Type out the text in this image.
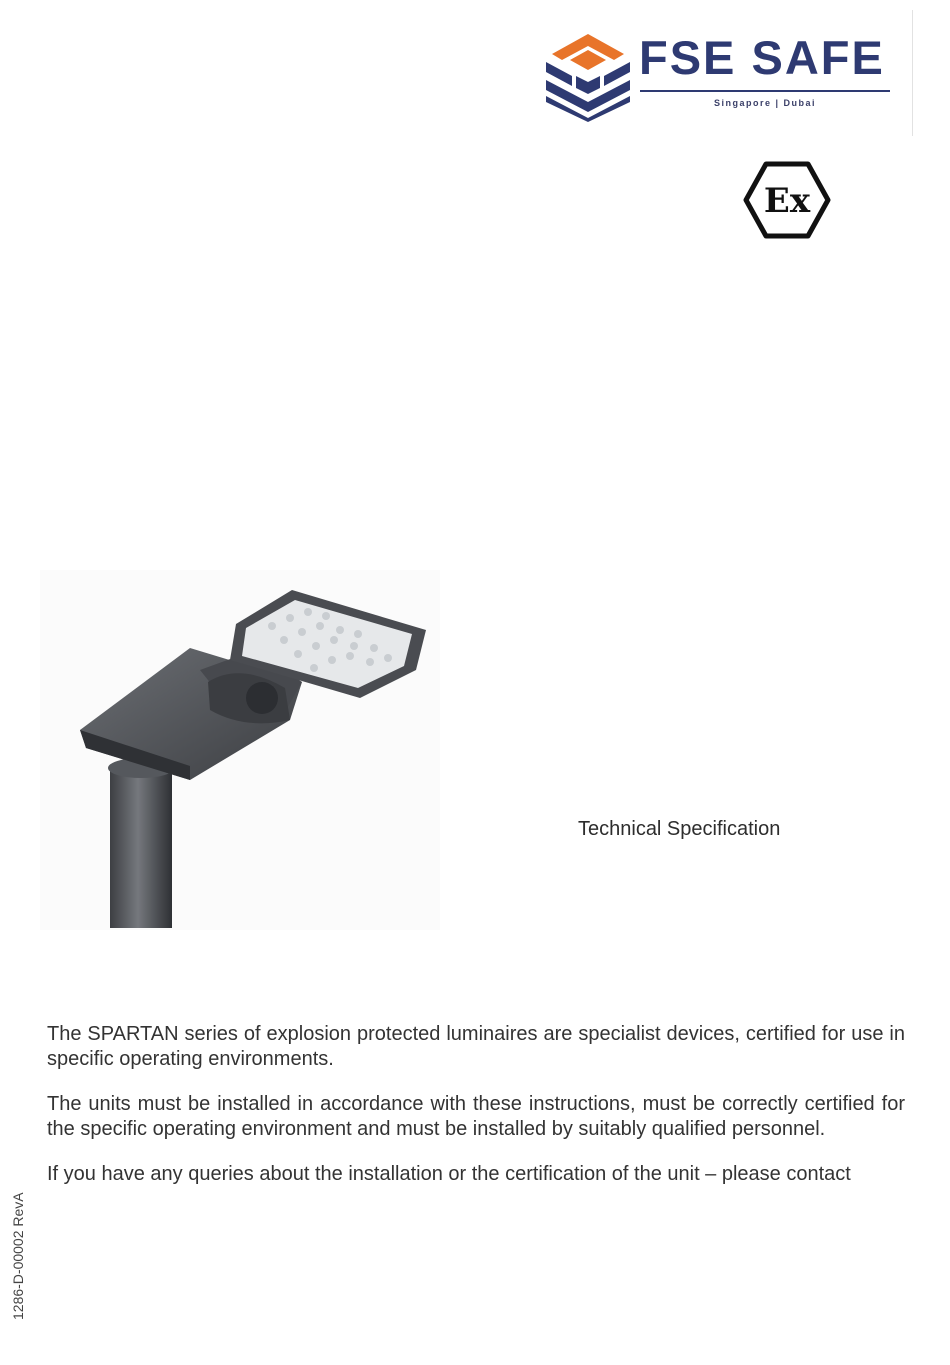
FSE SAFE
Singapore | Dubai
Ex
Technical Specification

The SPARTAN series of explosion protected luminaires are specialist devices, certified for use in specific operating environments.

The units must be installed in accordance with these instructions, must be correctly certified for the specific operating environment and must be installed by suitably qualified personnel.

If you have any queries about the installation or the certification of the unit – please contact

1286-D-00002 RevA
